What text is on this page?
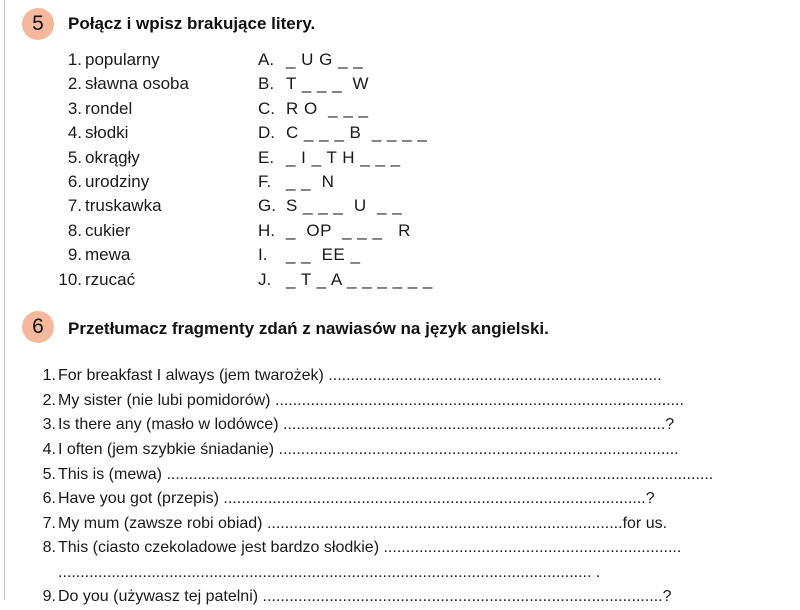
5	Połącz i wpisz brakujące litery.
1. popularny	A. _ U G _ _
2. sławna osoba	B. T _ _ _  W
3. rondel	C. R O  _ _ _
4. słodki	D. C _ _ _ B  _ _ _ _
5. okrągły	E. _ I _ T H _ _ _
6. urodziny	F. _ _  N
7. truskawka	G. S _ _ _  U  _ _
8. cukier	H. _  OP  _ _ _   R
9. mewa	I. _ _  EE _
10. rzucać	J. _ T _ A _ _ _ _ _ _
6	Przetłumacz fragmenty zdań z nawiasów na język angielski.
1. For breakfast I always (jem twarożek) ...........................................................................
2. My sister (nie lubi pomidorów) ............................................................................................
3. Is there any (masło w lodówce) ......................................................................................?
4. I often (jem szybkie śniadanie) ..........................................................................................
5. This is (mewa) ...........................................................................................................................
6. Have you got (przepis) ...............................................................................................?
7. My mum (zawsze robi obiad) ................................................................................for us.
8. This (ciasto czekoladowe jest bardzo słodkie) ...................................................................
........................................................................................................................ .
9. Do you (używasz tej patelni) ..........................................................................................?
